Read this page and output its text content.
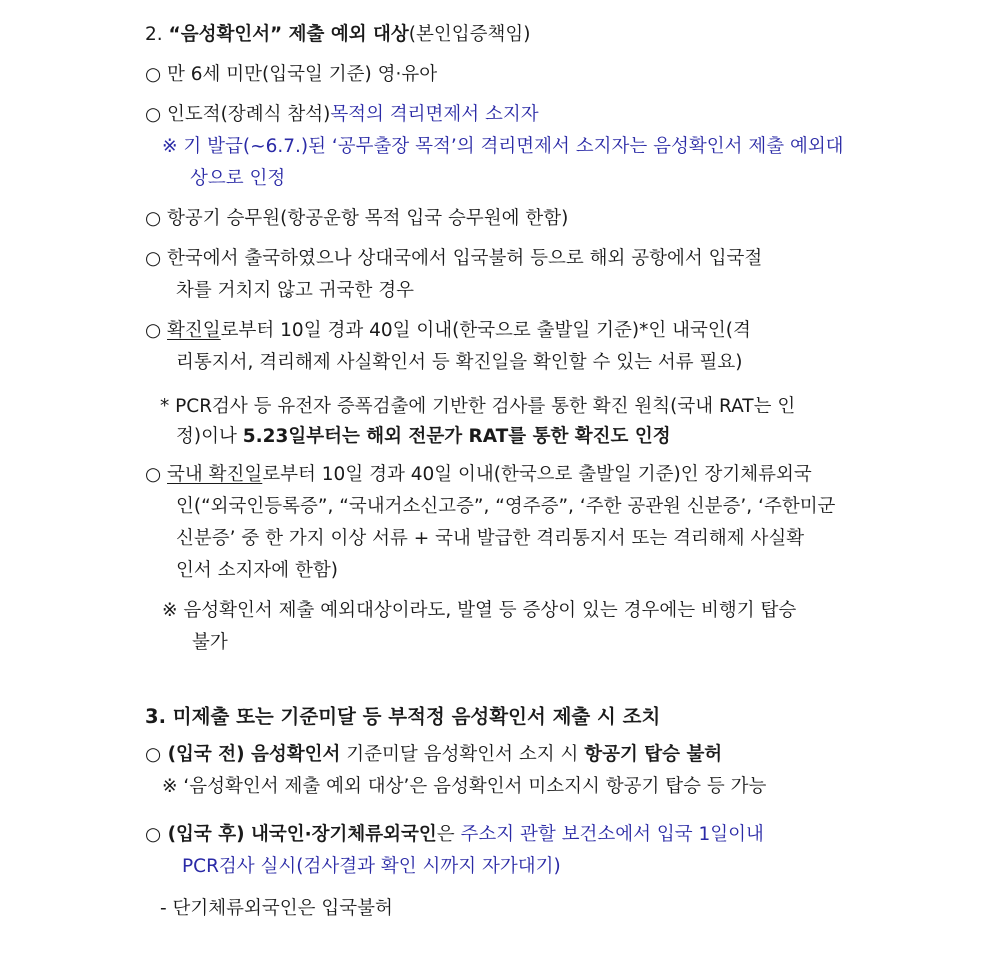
2. “음성확인서” 제출 예외 대상(본인입증책임)
○ 만 6세 미만(입국일 기준) 영·유아
○ 인도적(장례식 참석)목적의 격리면제서 소지자
※ 기 발급(~6.7.)된 ‘공무출장 목적’의 격리면제서 소지자는 음성확인서 제출 예외대
상으로 인정
○ 항공기 승무원(항공운항 목적 입국 승무원에 한함)
○ 한국에서 출국하였으나 상대국에서 입국불허 등으로 해외 공항에서 입국절
차를 거치지 않고 귀국한 경우
○ 확진일로부터 10일 경과 40일 이내(한국으로 출발일 기준)*인 내국인(격
리통지서, 격리해제 사실확인서 등 확진일을 확인할 수 있는 서류 필요)
* PCR검사 등 유전자 증폭검출에 기반한 검사를 통한 확진 원칙(국내 RAT는 인
정)이나 5.23일부터는 해외 전문가 RAT를 통한 확진도 인정
○ 국내 확진일로부터 10일 경과 40일 이내(한국으로 출발일 기준)인 장기체류외국
인(“외국인등록증”, “국내거소신고증”, “영주증”, ‘주한 공관원 신분증’, ‘주한미군
신분증’ 중 한 가지 이상 서류 + 국내 발급한 격리통지서 또는 격리해제 사실확
인서 소지자에 한함)
※ 음성확인서 제출 예외대상이라도, 발열 등 증상이 있는 경우에는 비행기 탑승
불가
3. 미제출 또는 기준미달 등 부적정 음성확인서 제출 시 조치
○ (입국 전) 음성확인서 기준미달 음성확인서 소지 시 항공기 탑승 불허
※ ‘음성확인서 제출 예외 대상’은 음성확인서 미소지시 항공기 탑승 등 가능
○ (입국 후) 내국인·장기체류외국인은 주소지 관할 보건소에서 입국 1일이내
PCR검사 실시(검사결과 확인 시까지 자가대기)
- 단기체류외국인은 입국불허
